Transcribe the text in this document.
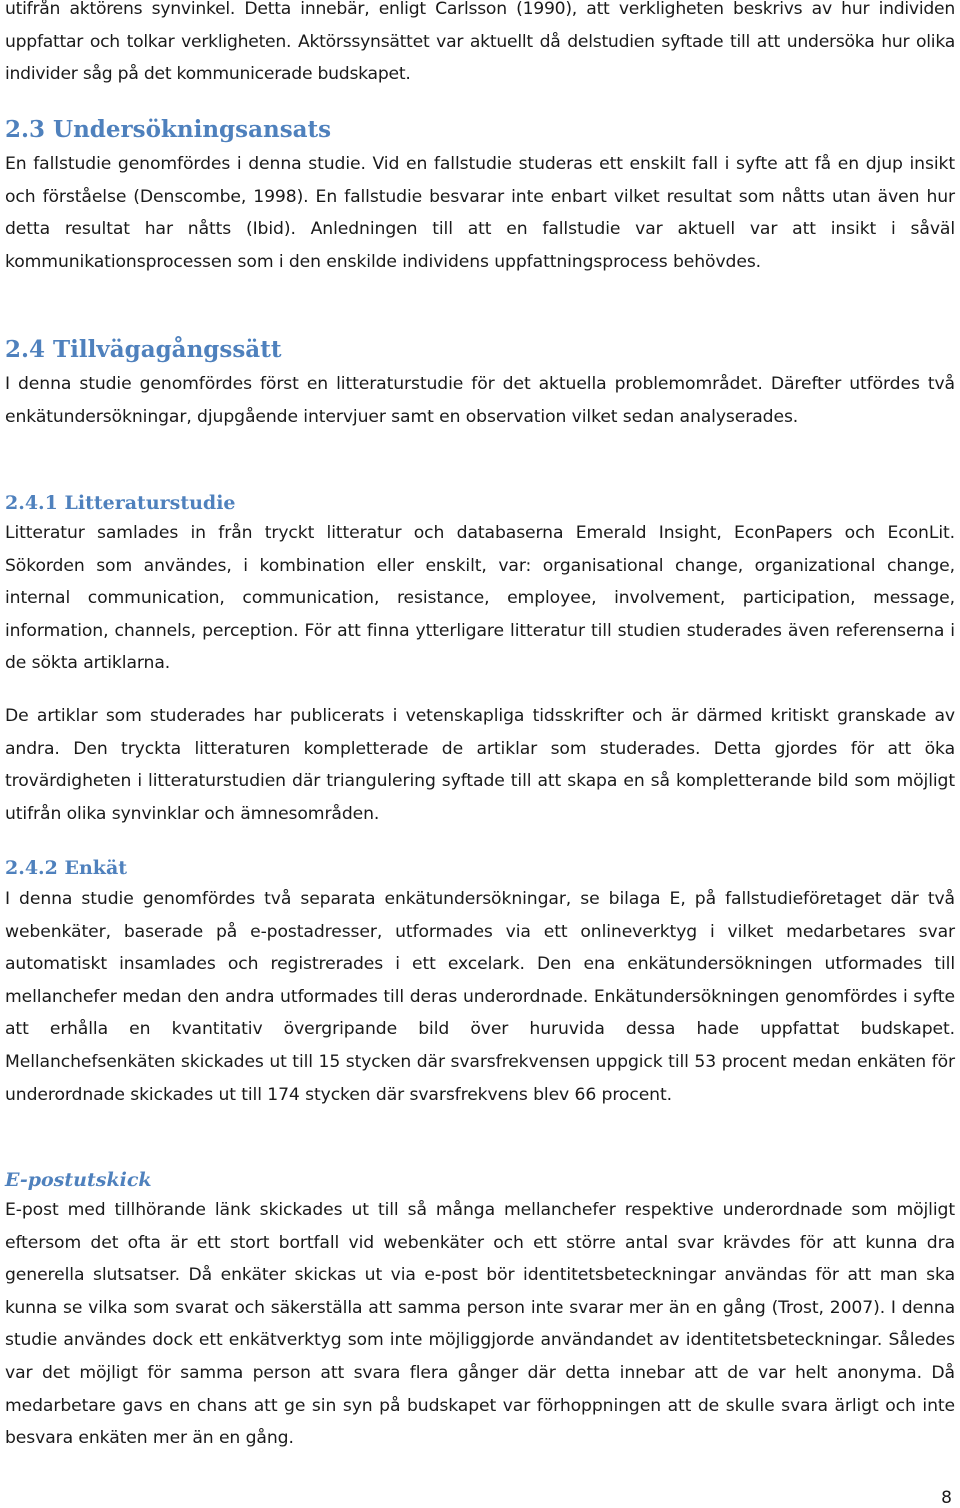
utifrån aktörens synvinkel. Detta innebär, enligt Carlsson (1990), att verkligheten beskrivs av hur individen uppfattar och tolkar verkligheten. Aktörssynsättet var aktuellt då delstudien syftade till att undersöka hur olika individer såg på det kommunicerade budskapet.

2.3 Undersökningsansats

En fallstudie genomfördes i denna studie. Vid en fallstudie studeras ett enskilt fall i syfte att få en djup insikt och förståelse (Denscombe, 1998). En fallstudie besvarar inte enbart vilket resultat som nåtts utan även hur detta resultat har nåtts (Ibid). Anledningen till att en fallstudie var aktuell var att insikt i såväl kommunikationsprocessen som i den enskilde individens uppfattningsprocess behövdes.

2.4 Tillvägagångssätt

I denna studie genomfördes först en litteraturstudie för det aktuella problemområdet. Därefter utfördes två enkätundersökningar, djupgående intervjuer samt en observation vilket sedan analyserades.

2.4.1 Litteraturstudie

Litteratur samlades in från tryckt litteratur och databaserna Emerald Insight, EconPapers och EconLit. Sökorden som användes, i kombination eller enskilt, var: organisational change, organizational change, internal communication, communication, resistance, employee, involvement, participation, message, information, channels, perception. För att finna ytterligare litteratur till studien studerades även referenserna i de sökta artiklarna.

De artiklar som studerades har publicerats i vetenskapliga tidsskrifter och är därmed kritiskt granskade av andra. Den tryckta litteraturen kompletterade de artiklar som studerades. Detta gjordes för att öka trovärdigheten i litteraturstudien där triangulering syftade till att skapa en så kompletterande bild som möjligt utifrån olika synvinklar och ämnesområden.

2.4.2 Enkät

I denna studie genomfördes två separata enkätundersökningar, se bilaga E, på fallstudieföretaget där två webenkäter, baserade på e-postadresser, utformades via ett onlineverktyg i vilket medarbetares svar automatiskt insamlades och registrerades i ett excelark. Den ena enkätundersökningen utformades till mellanchefer medan den andra utformades till deras underordnade. Enkätundersökningen genomfördes i syfte att erhålla en kvantitativ övergripande bild över huruvida dessa hade uppfattat budskapet. Mellanchefsenkäten skickades ut till 15 stycken där svarsfrekvensen uppgick till 53 procent medan enkäten för underordnade skickades ut till 174 stycken där svarsfrekvens blev 66 procent.

E-postutskick

E-post med tillhörande länk skickades ut till så många mellanchefer respektive underordnade som möjligt eftersom det ofta är ett stort bortfall vid webenkäter och ett större antal svar krävdes för att kunna dra generella slutsatser. Då enkäter skickas ut via e-post bör identitetsbeteckningar användas för att man ska kunna se vilka som svarat och säkerställa att samma person inte svarar mer än en gång (Trost, 2007). I denna studie användes dock ett enkätverktyg som inte möjliggjorde användandet av identitetsbeteckningar. Således var det möjligt för samma person att svara flera gånger där detta innebar att de var helt anonyma. Då medarbetare gavs en chans att ge sin syn på budskapet var förhoppningen att de skulle svara ärligt och inte besvara enkäten mer än en gång.

8
